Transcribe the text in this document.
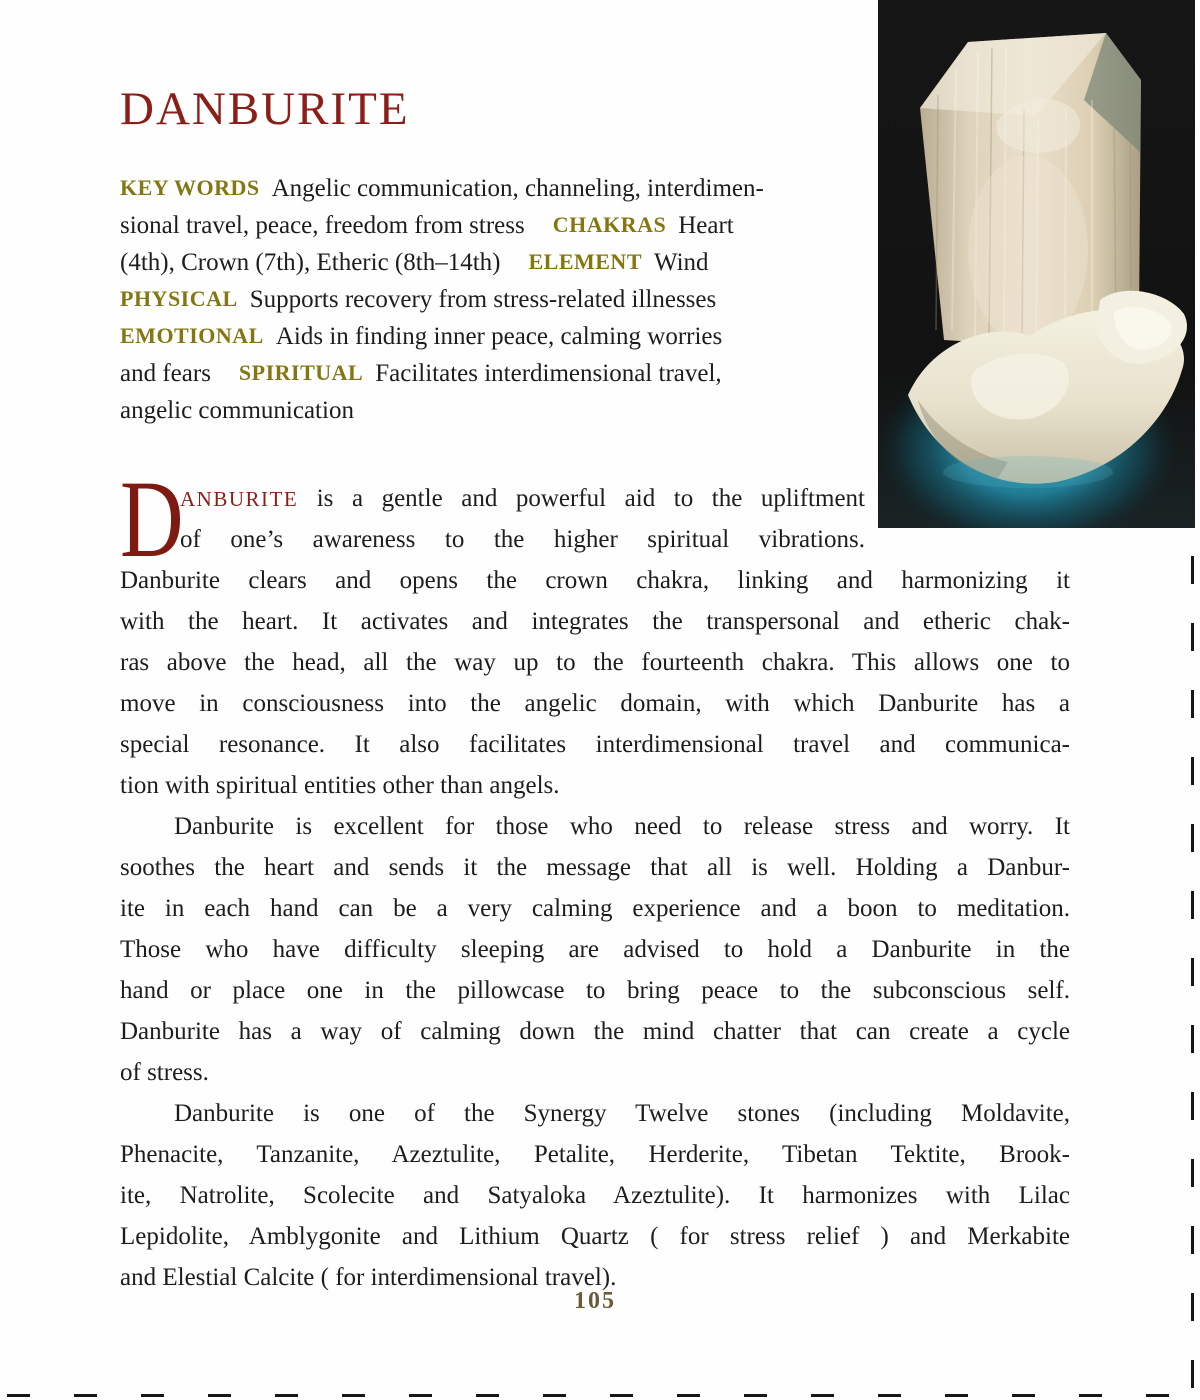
DANBURITE
KEY WORDS Angelic communication, channeling, interdimen-
sional travel, peace, freedom from stress CHAKRAS Heart
(4th), Crown (7th), Etheric (8th–14th) ELEMENT Wind
PHYSICAL Supports recovery from stress-related illnesses
EMOTIONAL Aids in finding inner peace, calming worries
and fears SPIRITUAL Facilitates interdimensional travel,
angelic communication
D
ANBURITE is a gentle and powerful aid to the upliftment
of one’s awareness to the higher spiritual vibrations.
Danburite clears and opens the crown chakra, linking and harmonizing it
with the heart. It activates and integrates the transpersonal and etheric chak-
ras above the head, all the way up to the fourteenth chakra. This allows one to
move in consciousness into the angelic domain, with which Danburite has a
special resonance. It also facilitates interdimensional travel and communica-
tion with spiritual entities other than angels.
Danburite is excellent for those who need to release stress and worry. It
soothes the heart and sends it the message that all is well. Holding a Danbur-
ite in each hand can be a very calming experience and a boon to meditation.
Those who have difficulty sleeping are advised to hold a Danburite in the
hand or place one in the pillowcase to bring peace to the subconscious self.
Danburite has a way of calming down the mind chatter that can create a cycle
of stress.
Danburite is one of the Synergy Twelve stones (including Moldavite,
Phenacite, Tanzanite, Azeztulite, Petalite, Herderite, Tibetan Tektite, Brook-
ite, Natrolite, Scolecite and Satyaloka Azeztulite). It harmonizes with Lilac
Lepidolite, Amblygonite and Lithium Quartz ( for stress relief ) and Merkabite
and Elestial Calcite ( for interdimensional travel).
105
